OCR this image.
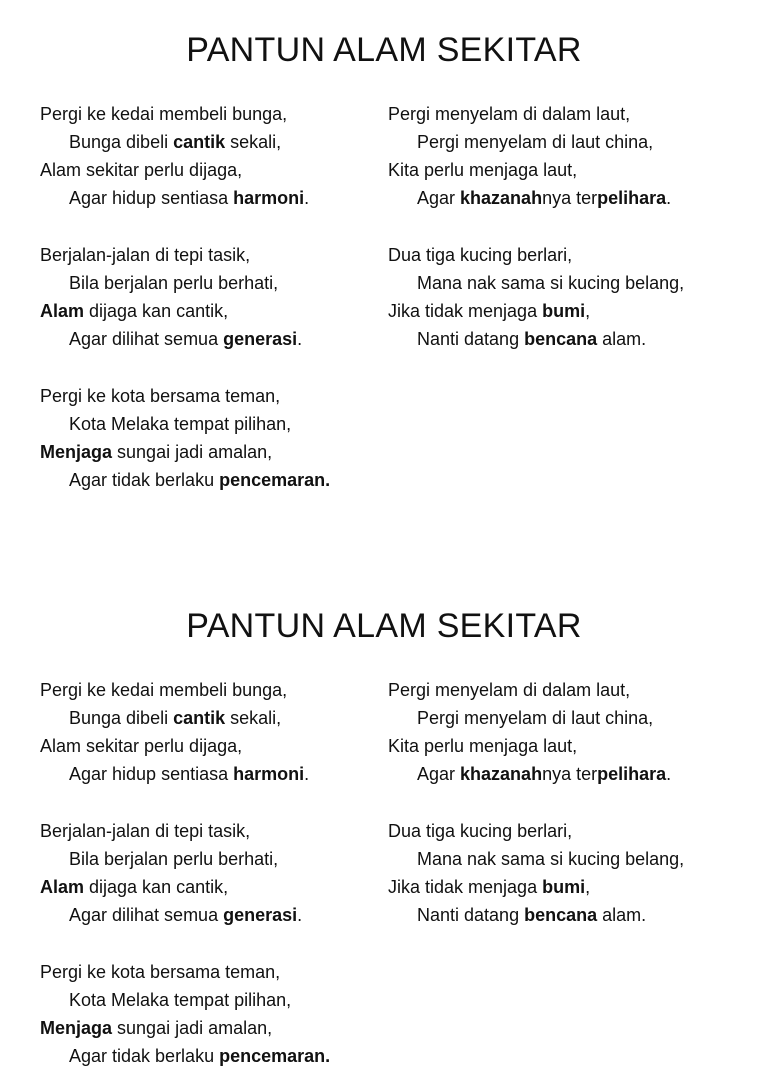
PANTUN ALAM SEKITAR
Pergi ke kedai membeli bunga,
Bunga dibeli cantik sekali,
Alam sekitar perlu dijaga,
Agar hidup sentiasa harmoni.
Berjalan-jalan di tepi tasik,
Bila berjalan perlu berhati,
Alam dijaga kan cantik,
Agar dilihat semua generasi.
Pergi ke kota bersama teman,
Kota Melaka tempat pilihan,
Menjaga sungai jadi amalan,
Agar tidak berlaku pencemaran.
Pergi menyelam di dalam laut,
Pergi menyelam di laut china,
Kita perlu menjaga laut,
Agar khazanahnya terpelihara.
Dua tiga kucing berlari,
Mana nak sama si kucing belang,
Jika tidak menjaga bumi,
Nanti datang bencana alam.
PANTUN ALAM SEKITAR
Pergi ke kedai membeli bunga,
Bunga dibeli cantik sekali,
Alam sekitar perlu dijaga,
Agar hidup sentiasa harmoni.
Berjalan-jalan di tepi tasik,
Bila berjalan perlu berhati,
Alam dijaga kan cantik,
Agar dilihat semua generasi.
Pergi ke kota bersama teman,
Kota Melaka tempat pilihan,
Menjaga sungai jadi amalan,
Agar tidak berlaku pencemaran.
Pergi menyelam di dalam laut,
Pergi menyelam di laut china,
Kita perlu menjaga laut,
Agar khazanahnya terpelihara.
Dua tiga kucing berlari,
Mana nak sama si kucing belang,
Jika tidak menjaga bumi,
Nanti datang bencana alam.
